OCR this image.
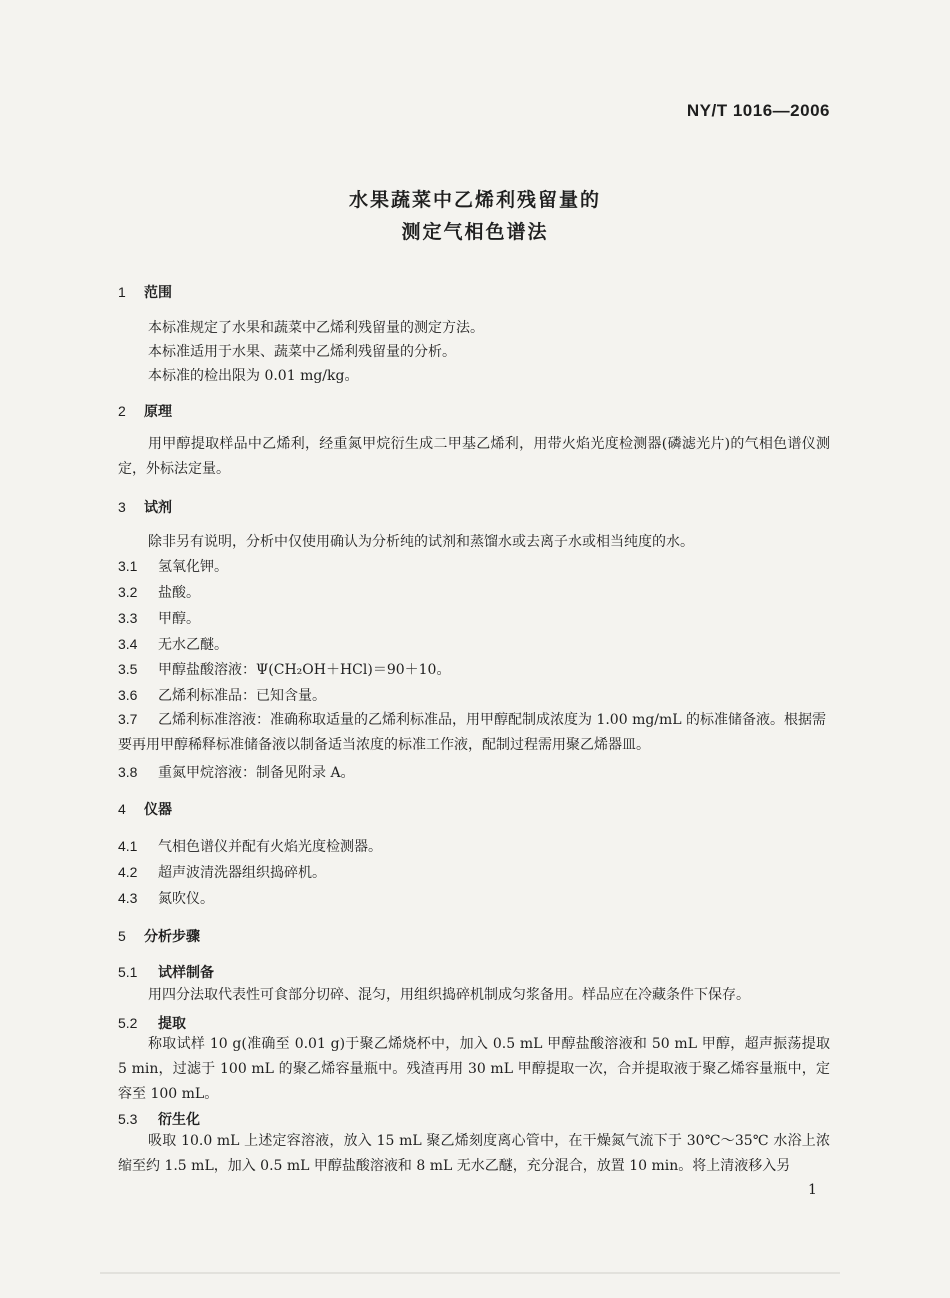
NY/T 1016—2006
水果蔬菜中乙烯利残留量的
测定气相色谱法
1 范围
本标准规定了水果和蔬菜中乙烯利残留量的测定方法。
本标准适用于水果、蔬菜中乙烯利残留量的分析。
本标准的检出限为 0.01 mg/kg。
2 原理
用甲醇提取样品中乙烯利，经重氮甲烷衍生成二甲基乙烯利，用带火焰光度检测器(磷滤光片)的气相色谱仪测定，外标法定量。
3 试剂
除非另有说明，分析中仅使用确认为分析纯的试剂和蒸馏水或去离子水或相当纯度的水。
3.1 氢氧化钾。
3.2 盐酸。
3.3 甲醇。
3.4 无水乙醚。
3.5 甲醇盐酸溶液：Ψ(CH₂OH＋HCl)＝90＋10。
3.6 乙烯利标准品：已知含量。
3.7 乙烯利标准溶液：准确称取适量的乙烯利标准品，用甲醇配制成浓度为 1.00 mg/mL 的标准储备液。根据需要再用甲醇稀释标准储备液以制备适当浓度的标准工作液，配制过程需用聚乙烯器皿。
3.8 重氮甲烷溶液：制备见附录 A。
4 仪器
4.1 气相色谱仪并配有火焰光度检测器。
4.2 超声波清洗器组织捣碎机。
4.3 氮吹仪。
5 分析步骤
5.1 试样制备
用四分法取代表性可食部分切碎、混匀，用组织捣碎机制成匀浆备用。样品应在冷藏条件下保存。
5.2 提取
称取试样 10 g(准确至 0.01 g)于聚乙烯烧杯中，加入 0.5 mL 甲醇盐酸溶液和 50 mL 甲醇，超声振荡提取 5 min，过滤于 100 mL 的聚乙烯容量瓶中。残渣再用 30 mL 甲醇提取一次，合并提取液于聚乙烯容量瓶中，定容至 100 mL。
5.3 衍生化
吸取 10.0 mL 上述定容溶液，放入 15 mL 聚乙烯刻度离心管中，在干燥氮气流下于 30℃～35℃ 水浴上浓缩至约 1.5 mL，加入 0.5 mL 甲醇盐酸溶液和 8 mL 无水乙醚，充分混合，放置 10 min。将上清液移入另
1
